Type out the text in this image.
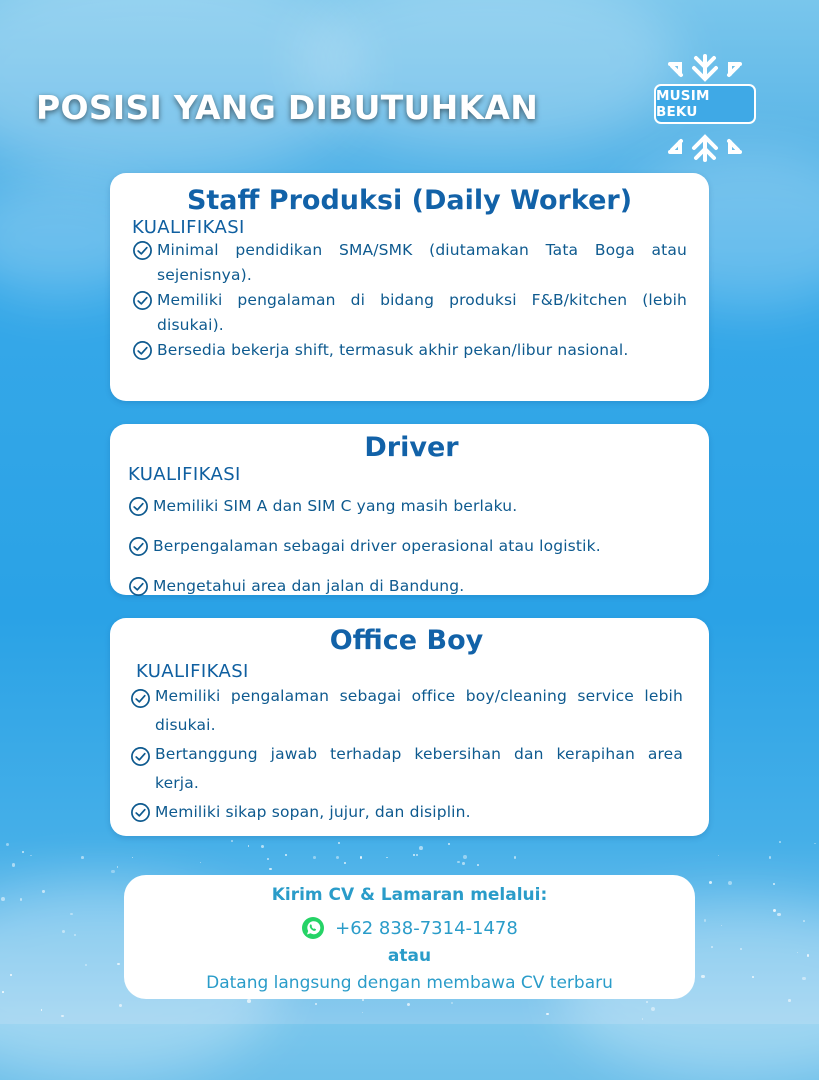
POSISI YANG DIBUTUHKAN	MUSIM BEKU
Staff Produksi (Daily Worker)

KUALIFIKASI

Minimal pendidikan SMA/SMK (diutamakan Tata Boga atau sejenisnya).
Memiliki pengalaman di bidang produksi F&B/kitchen (lebih disukai).
Bersedia bekerja shift, termasuk akhir pekan/libur nasional.
Driver

KUALIFIKASI

Memiliki SIM A dan SIM C yang masih berlaku.
Berpengalaman sebagai driver operasional atau logistik.
Mengetahui area dan jalan di Bandung.
Office Boy

KUALIFIKASI

Memiliki pengalaman sebagai office boy/cleaning service lebih disukai.
Bertanggung jawab terhadap kebersihan dan kerapihan area kerja.
Memiliki sikap sopan, jujur, dan disiplin.

Kirim CV & Lamaran melalui:

+62 838-7314-1478

atau

Datang langsung dengan membawa CV terbaru
